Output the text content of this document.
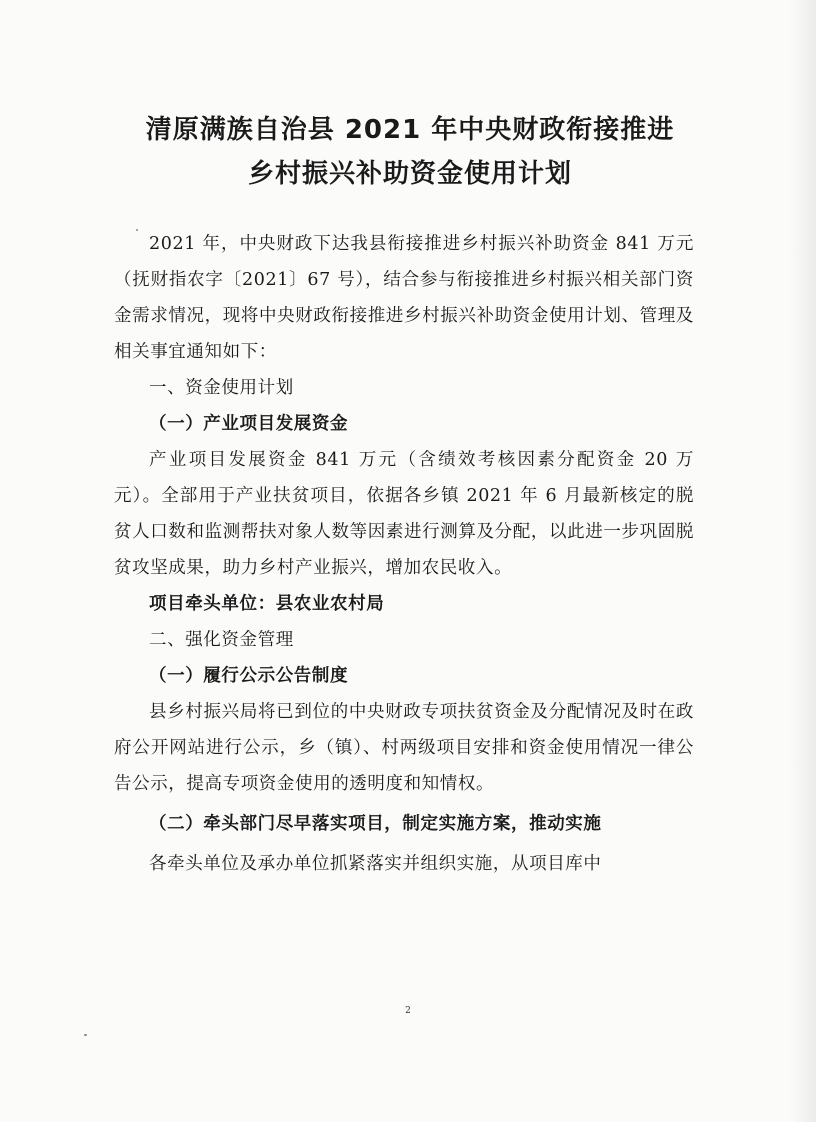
清原满族自治县 2021 年中央财政衔接推进
乡村振兴补助资金使用计划

2021 年，中央财政下达我县衔接推进乡村振兴补助资金 841 万元（抚财指农字〔2021〕67 号），结合参与衔接推进乡村振兴相关部门资金需求情况，现将中央财政衔接推进乡村振兴补助资金使用计划、管理及相关事宜通知如下：

一、资金使用计划

（一）产业项目发展资金

产业项目发展资金 841 万元（含绩效考核因素分配资金 20 万元）。全部用于产业扶贫项目，依据各乡镇 2021 年 6 月最新核定的脱贫人口数和监测帮扶对象人数等因素进行测算及分配，以此进一步巩固脱贫攻坚成果，助力乡村产业振兴，增加农民收入。

项目牵头单位：县农业农村局

二、强化资金管理

（一）履行公示公告制度

县乡村振兴局将已到位的中央财政专项扶贫资金及分配情况及时在政府公开网站进行公示，乡（镇）、村两级项目安排和资金使用情况一律公告公示，提高专项资金使用的透明度和知情权。

（二）牵头部门尽早落实项目，制定实施方案，推动实施

各牵头单位及承办单位抓紧落实并组织实施，从项目库中

2
